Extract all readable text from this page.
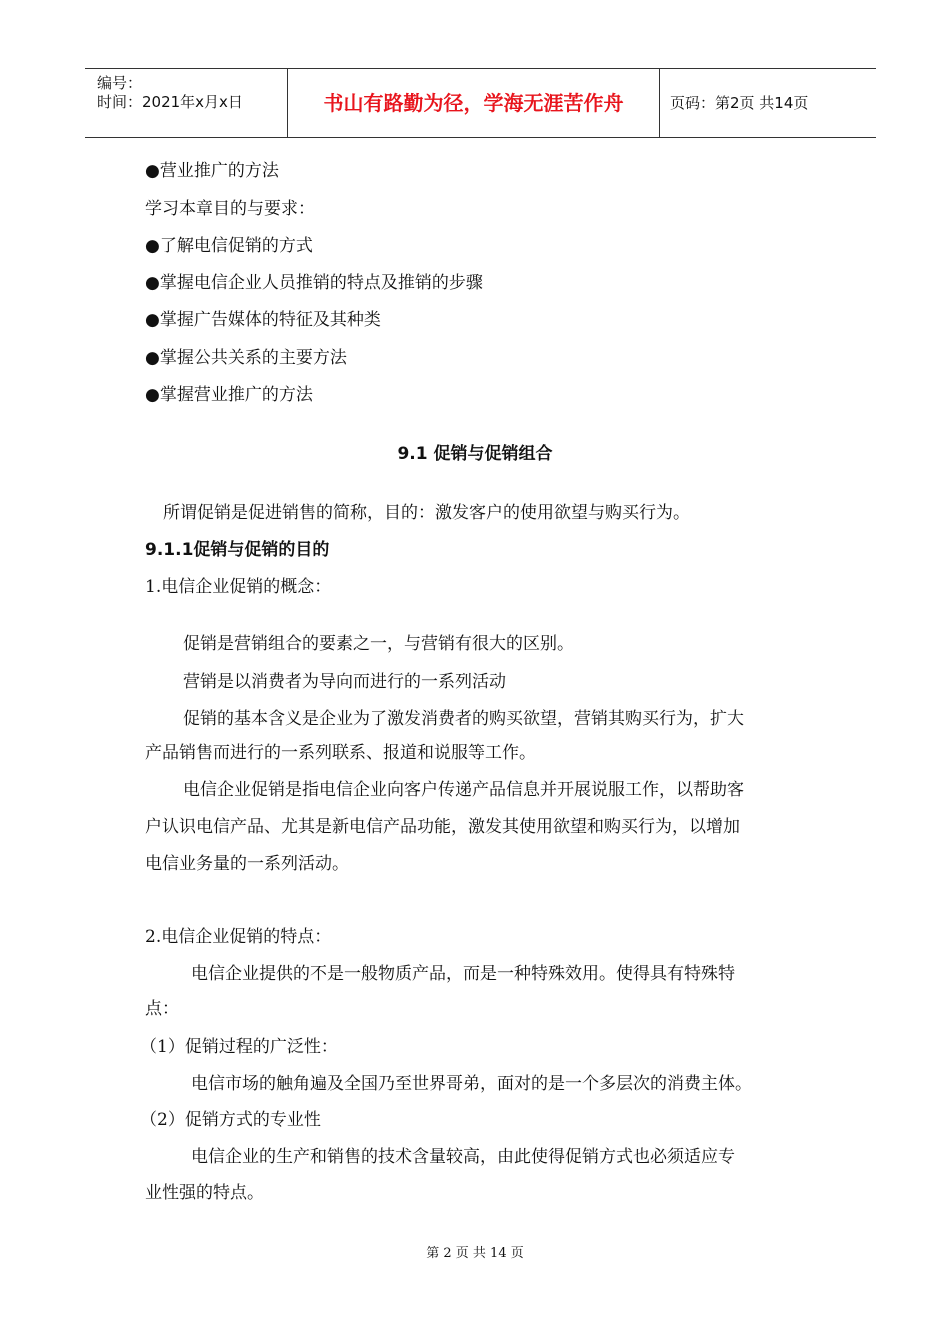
编号：
时间：2021年x月x日	书山有路勤为径，学海无涯苦作舟	页码：第2页 共14页
●营业推广的方法
学习本章目的与要求：
●了解电信促销的方式
●掌握电信企业人员推销的特点及推销的步骤
●掌握广告媒体的特征及其种类
●掌握公共关系的主要方法
●掌握营业推广的方法
9.1 促销与促销组合
所谓促销是促进销售的简称，目的：激发客户的使用欲望与购买行为。
9.1.1促销与促销的目的
1.电信企业促销的概念：
促销是营销组合的要素之一，与营销有很大的区别。
营销是以消费者为导向而进行的一系列活动
促销的基本含义是企业为了激发消费者的购买欲望，营销其购买行为，扩大
产品销售而进行的一系列联系、报道和说服等工作。
电信企业促销是指电信企业向客户传递产品信息并开展说服工作，以帮助客
户认识电信产品、尤其是新电信产品功能，激发其使用欲望和购买行为，以增加
电信业务量的一系列活动。
2.电信企业促销的特点：
电信企业提供的不是一般物质产品，而是一种特殊效用。使得具有特殊特
点：
（1）促销过程的广泛性：
电信市场的触角遍及全国乃至世界哥弟，面对的是一个多层次的消费主体。
（2）促销方式的专业性
电信企业的生产和销售的技术含量较高，由此使得促销方式也必须适应专
业性强的特点。
第 2 页 共 14 页
